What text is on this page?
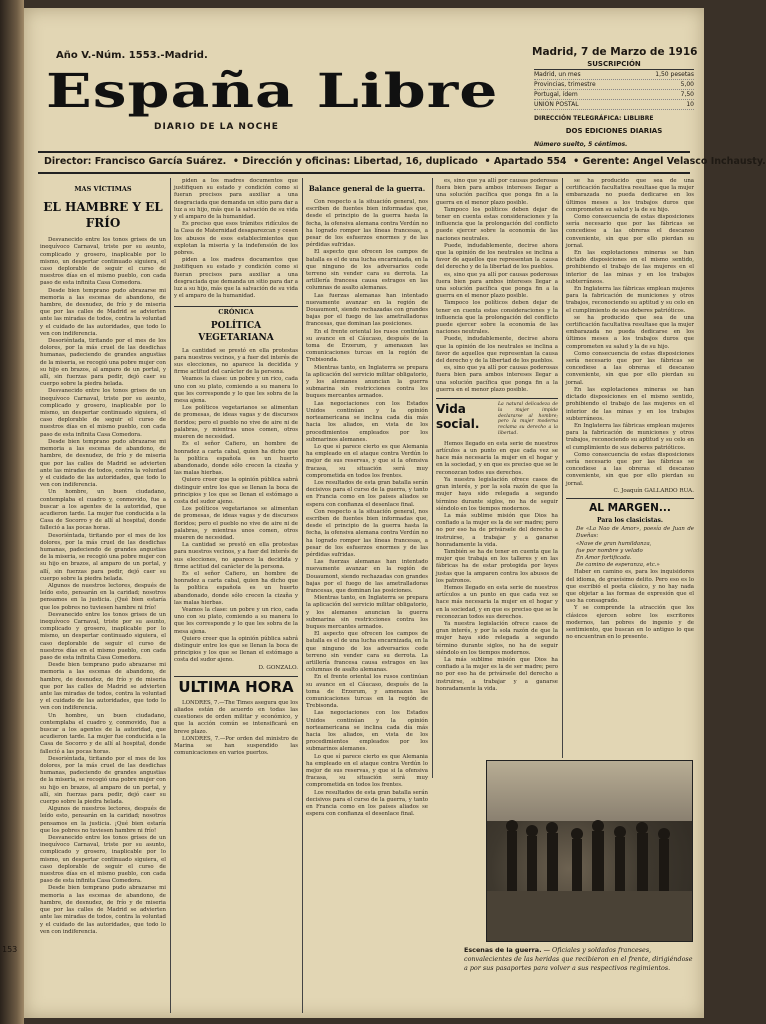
153
Año V.-Núm. 1553.-Madrid.	Madrid, 7 de Marzo de 1916
España Libre
DIARIO DE LA NOCHE
SUSCRIPCIÓN
Madrid, un mes	1,50 pesetas
Provincias, trimestre	5,00
Portugal, ídem	7,50
UNION POSTAL	10
DIRECCIÓN TELEGRÁFICA: LIBLIBRE
DOS EDICIONES DIARIAS
Número suelto, 5 céntimos.
Director: Francisco García Suárez.  • Dirección y oficinas: Libertad, 16, duplicado  • Apartado 554  • Gerente: Angel Velasco Inchausty.
MAS VÍCTIMAS
EL HAMBRE Y EL FRÍO

Desvanecido entre los tonos grises de un inequívoco Carnaval, triste por su asunto, complicado y grosero, inaplicable por lo mismo, un despertar continuado siguiera, el caso deplorable de seguir el curso de nuestros días en el mismo pueblo, con cada paso de esta infinita Casa Comedora.

Desde bien temprano pudo abrazarse mi memoria a las escenas de abandono, de hambre, de desnudez, de frío y de miseria que por las calles de Madrid se advierten ante las miradas de todos, contra la voluntad y el cuidado de las autoridades, que todo lo ven con indiferencia.

Desoriéntada, tiritando por el mes de los dolores, por la más cruel de las desdichas humanas, padeciendo de grandes angustias de la miseria, se recogió una pobre mujer con su hijo en brazos, al amparo de un portal, y allí, sin fuerzas para pedir, dejó caer su cuerpo sobre la piedra helada.

Desvanecido entre los tonos grises de un inequívoco Carnaval, triste por su asunto, complicado y grosero, inaplicable por lo mismo, un despertar continuado siguiera, el caso deplorable de seguir el curso de nuestros días en el mismo pueblo, con cada paso de esta infinita Casa Comedora.

Desde bien temprano pudo abrazarse mi memoria a las escenas de abandono, de hambre, de desnudez, de frío y de miseria que por las calles de Madrid se advierten ante las miradas de todos, contra la voluntad y el cuidado de las autoridades, que todo lo ven con indiferencia.

Un hombre, un buen ciudadano, contemplaba el cuadro y, conmovido, fue a buscar a los agentes de la autoridad, que acudieron tarde. La mujer fue conducida a la Casa de Socorro y de allí al hospital, donde falleció a las pocas horas.

Desoriéntada, tiritando por el mes de los dolores, por la más cruel de las desdichas humanas, padeciendo de grandes angustias de la miseria, se recogió una pobre mujer con su hijo en brazos, al amparo de un portal, y allí, sin fuerzas para pedir, dejó caer su cuerpo sobre la piedra helada.

Algunos de nuestros lectores, después de leído esto, pensarán en la caridad; nosotros pensamos en la justicia. ¡Qué bien estaría que los pobres no tuviesen hambre ni frío!

Desvanecido entre los tonos grises de un inequívoco Carnaval, triste por su asunto, complicado y grosero, inaplicable por lo mismo, un despertar continuado siguiera, el caso deplorable de seguir el curso de nuestros días en el mismo pueblo, con cada paso de esta infinita Casa Comedora.

Desde bien temprano pudo abrazarse mi memoria a las escenas de abandono, de hambre, de desnudez, de frío y de miseria que por las calles de Madrid se advierten ante las miradas de todos, contra la voluntad y el cuidado de las autoridades, que todo lo ven con indiferencia.

Un hombre, un buen ciudadano, contemplaba el cuadro y, conmovido, fue a buscar a los agentes de la autoridad, que acudieron tarde. La mujer fue conducida a la Casa de Socorro y de allí al hospital, donde falleció a las pocas horas.

Desoriéntada, tiritando por el mes de los dolores, por la más cruel de las desdichas humanas, padeciendo de grandes angustias de la miseria, se recogió una pobre mujer con su hijo en brazos, al amparo de un portal, y allí, sin fuerzas para pedir, dejó caer su cuerpo sobre la piedra helada.

Algunos de nuestros lectores, después de leído esto, pensarán en la caridad; nosotros pensamos en la justicia. ¡Qué bien estaría que los pobres no tuviesen hambre ni frío!

Desvanecido entre los tonos grises de un inequívoco Carnaval, triste por su asunto, complicado y grosero, inaplicable por lo mismo, un despertar continuado siguiera, el caso deplorable de seguir el curso de nuestros días en el mismo pueblo, con cada paso de esta infinita Casa Comedora.

Desde bien temprano pudo abrazarse mi memoria a las escenas de abandono, de hambre, de desnudez, de frío y de miseria que por las calles de Madrid se advierten ante las miradas de todos, contra la voluntad y el cuidado de las autoridades, que todo lo ven con indiferencia.

piden a los madres documentos que justifiquen su estado y condición como si fueran precisos para auxiliar a una desgraciada que demanda un sitio para dar a luz a su hijo, más que la salvación de su vida y el amparo de la humanidad.

Es preciso que esos trámites ridículos de la Casa de Maternidad desaparezcan y cesen los abusos de esos establecimientos que explotan la miseria y la indefensión de los pobres.

piden a los madres documentos que justifiquen su estado y condición como si fueran precisos para auxiliar a una desgraciada que demanda un sitio para dar a luz a su hijo, más que la salvación de su vida y el amparo de la humanidad.

CRÓNICA
POLÍTICA VEGETARIANA

La cantidad se prestó en ella protestas para nuestros vecinos, y a fuer del interés de sus elecciones, no aparece la decidida y firme actitud del carácter de la persona.

Veamos la clase: un pobre y un rico, cada uno con su plato, comiendo a su manera lo que les corresponde y lo que les sobra de la mesa ajena.

Los políticos vegetarianos se alimentan de promesas, de ideas vagas y de discursos floridos; pero el pueblo no vive de aire ni de palabras, y mientras unos comen, otros mueren de necesidad.

Es el señor Cafiero, un hombre de honradez a carta cabal, quien ha dicho que la política española es un huerto abandonado, donde sólo crecen la cizaña y las malas hierbas.

Quiero creer que la opinión pública sabrá distinguir entre los que se llenan la boca de principios y los que se llenan el estómago a costa del sudor ajeno.

Los políticos vegetarianos se alimentan de promesas, de ideas vagas y de discursos floridos; pero el pueblo no vive de aire ni de palabras, y mientras unos comen, otros mueren de necesidad.

La cantidad se prestó en ella protestas para nuestros vecinos, y a fuer del interés de sus elecciones, no aparece la decidida y firme actitud del carácter de la persona.

Es el señor Cafiero, un hombre de honradez a carta cabal, quien ha dicho que la política española es un huerto abandonado, donde sólo crecen la cizaña y las malas hierbas.

Veamos la clase: un pobre y un rico, cada uno con su plato, comiendo a su manera lo que les corresponde y lo que les sobra de la mesa ajena.

Quiero creer que la opinión pública sabrá distinguir entre los que se llenan la boca de principios y los que se llenan el estómago a costa del sudor ajeno.

D. GONZALO.
ULTIMA HORA

LONDRES, 7.—The Times asegura que los aliados están de acuerdo en todas las cuestiones de orden militar y económico, y que la acción común se intensificará en breve plazo.

LONDRES, 7.—Por orden del ministro de Marina se han suspendido las comunicaciones en varios puertos.

Balance general de la guerra.

Con respecto a la situación general, nos escriben de fuentes bien informadas que, desde el principio de la guerra hasta la fecha, la ofensiva alemana contra Verdún no ha logrado romper las líneas francesas, a pesar de los esfuerzos enormes y de las pérdidas sufridas.

El aspecto que ofrecen los campos de batalla es el de una lucha encarnizada, en la que ninguno de los adversarios cede terreno sin vender cara su derrota. La artillería francesa causa estragos en las columnas de asalto alemanas.

Las fuerzas alemanas han intentado nuevamente avanzar en la región de Douaumont, siendo rechazadas con grandes bajas por el fuego de las ametralladoras francesas, que dominan las posiciones.

En el frente oriental los rusos continúan su avance en el Cáucaso, después de la toma de Erzerum, y amenazan las comunicaciones turcas en la región de Trebisonda.

Mientras tanto, en Inglaterra se prepara la aplicación del servicio militar obligatorio, y los alemanes anuncian la guerra submarina sin restricciones contra los buques mercantes armados.

Las negociaciones con los Estados Unidos continúan y la opinión norteamericana se inclina cada día más hacia los aliados, en vista de los procedimientos empleados por los submarinos alemanes.

Lo que sí parece cierto es que Alemania ha empleado en el ataque contra Verdún lo mejor de sus reservas, y que si la ofensiva fracasa, su situación será muy comprometida en todos los frentes.

Los resultados de esta gran batalla serán decisivos para el curso de la guerra, y tanto en Francia como en los países aliados se espera con confianza el desenlace final.

Con respecto a la situación general, nos escriben de fuentes bien informadas que, desde el principio de la guerra hasta la fecha, la ofensiva alemana contra Verdún no ha logrado romper las líneas francesas, a pesar de los esfuerzos enormes y de las pérdidas sufridas.

Las fuerzas alemanas han intentado nuevamente avanzar en la región de Douaumont, siendo rechazadas con grandes bajas por el fuego de las ametralladoras francesas, que dominan las posiciones.

Mientras tanto, en Inglaterra se prepara la aplicación del servicio militar obligatorio, y los alemanes anuncian la guerra submarina sin restricciones contra los buques mercantes armados.

El aspecto que ofrecen los campos de batalla es el de una lucha encarnizada, en la que ninguno de los adversarios cede terreno sin vender cara su derrota. La artillería francesa causa estragos en las columnas de asalto alemanas.

En el frente oriental los rusos continúan su avance en el Cáucaso, después de la toma de Erzerum, y amenazan las comunicaciones turcas en la región de Trebisonda.

Las negociaciones con los Estados Unidos continúan y la opinión norteamericana se inclina cada día más hacia los aliados, en vista de los procedimientos empleados por los submarinos alemanes.

Lo que sí parece cierto es que Alemania ha empleado en el ataque contra Verdún lo mejor de sus reservas, y que si la ofensiva fracasa, su situación será muy comprometida en todos los frentes.

Los resultados de esta gran batalla serán decisivos para el curso de la guerra, y tanto en Francia como en los países aliados se espera con confianza el desenlace final.

es, sino que ya allí por causas poderosas fuera bien para ambos intereses llegar a una solución pacífica que ponga fin a la guerra en el menor plazo posible.

Tampoco los políticos deben dejar de tener en cuenta estas consideraciones y la influencia que la prolongación del conflicto puede ejercer sobre la economía de las naciones neutrales.

Puede, indudablemente, decirse ahora que la opinión de los neutrales se inclina a favor de aquellos que representan la causa del derecho y de la libertad de los pueblos.

es, sino que ya allí por causas poderosas fuera bien para ambos intereses llegar a una solución pacífica que ponga fin a la guerra en el menor plazo posible.

Tampoco los políticos deben dejar de tener en cuenta estas consideraciones y la influencia que la prolongación del conflicto puede ejercer sobre la economía de las naciones neutrales.

Puede, indudablemente, decirse ahora que la opinión de los neutrales se inclina a favor de aquellos que representan la causa del derecho y de la libertad de los pueblos.

es, sino que ya allí por causas poderosas fuera bien para ambos intereses llegar a una solución pacífica que ponga fin a la guerra en el menor plazo posible.

Vida social.
La natural delicadeza de la mujer impide declararse al hombre; pero la mujer moderna reclama su derecho a la libertad.

Hemos llegado en esta serie de nuestros artículos a un punto en que cada vez se hace más necesaria la mujer en el hogar y en la sociedad, y en que es preciso que se le reconozcan todos sus derechos.

Ya nuestra legislación ofrece casos de gran interés, y por la sola razón de que la mujer haya sido relegada a segundo término durante siglos, no ha de seguir siéndolo en los tiempos modernos.

La más sublime misión que Dios ha confiado a la mujer es la de ser madre; pero no por eso ha de privársele del derecho a instruirse, a trabajar y a ganarse honradamente la vida.

También se ha de tener en cuenta que la mujer que trabaja en los talleres y en las fábricas ha de estar protegida por leyes justas que la amparen contra los abusos de los patronos.

Hemos llegado en esta serie de nuestros artículos a un punto en que cada vez se hace más necesaria la mujer en el hogar y en la sociedad, y en que es preciso que se le reconozcan todos sus derechos.

Ya nuestra legislación ofrece casos de gran interés, y por la sola razón de que la mujer haya sido relegada a segundo término durante siglos, no ha de seguir siéndolo en los tiempos modernos.

La más sublime misión que Dios ha confiado a la mujer es la de ser madre; pero no por eso ha de privársele del derecho a instruirse, a trabajar y a ganarse honradamente la vida.

se ha producido que sea de una certificación facultativa resultase que la mujer embarazada no pueda dedicarse en los últimos meses a los trabajos duros que comprometen su salud y la de su hijo.

Como consecuencia de estas disposiciones sería necesario que por las fábricas se concediese a las obreras el descanso conveniente, sin que por ello pierdan su jornal.

En las explotaciones mineras se han dictado disposiciones en el mismo sentido, prohibiendo el trabajo de las mujeres en el interior de las minas y en los trabajos subterráneos.

En Inglaterra las fábricas emplean mujeres para la fabricación de municiones y otros trabajos, reconociendo su aptitud y su celo en el cumplimiento de sus deberes patrióticos.

se ha producido que sea de una certificación facultativa resultase que la mujer embarazada no pueda dedicarse en los últimos meses a los trabajos duros que comprometen su salud y la de su hijo.

Como consecuencia de estas disposiciones sería necesario que por las fábricas se concediese a las obreras el descanso conveniente, sin que por ello pierdan su jornal.

En las explotaciones mineras se han dictado disposiciones en el mismo sentido, prohibiendo el trabajo de las mujeres en el interior de las minas y en los trabajos subterráneos.

En Inglaterra las fábricas emplean mujeres para la fabricación de municiones y otros trabajos, reconociendo su aptitud y su celo en el cumplimiento de sus deberes patrióticos.

Como consecuencia de estas disposiciones sería necesario que por las fábricas se concediese a las obreras el descanso conveniente, sin que por ello pierdan su jornal.

C. Joaquín GALLARDO RUA.
AL MARGEN...
Para los clasicistas.
De «La Nao de Amor», poesía de Juan de Dueñas:
«Nave de gran humildanza,
fue por nombre y velado
En Amor fortificada.
De camino de esperanza, etc.»

Haber en camino es, para los inquisidores del idioma, de gravísimo delito. Pero eso es lo que escribió el poeta clásico, y no hay nada que objetar a las formas de expresión que el uso ha consagrado.

Y se comprende la atracción que los clásicos ejercen sobre los escritores modernos, tan pobres de ingenio y de sentimiento, que buscan en lo antiguo lo que no encuentran en lo presente.

Escenas de la guerra. — Oficiales y soldados franceses, convalecientes de las heridas que recibieron en el frente, dirigiéndose a por sus pasaportes para volver a sus respectivos regimientos.
